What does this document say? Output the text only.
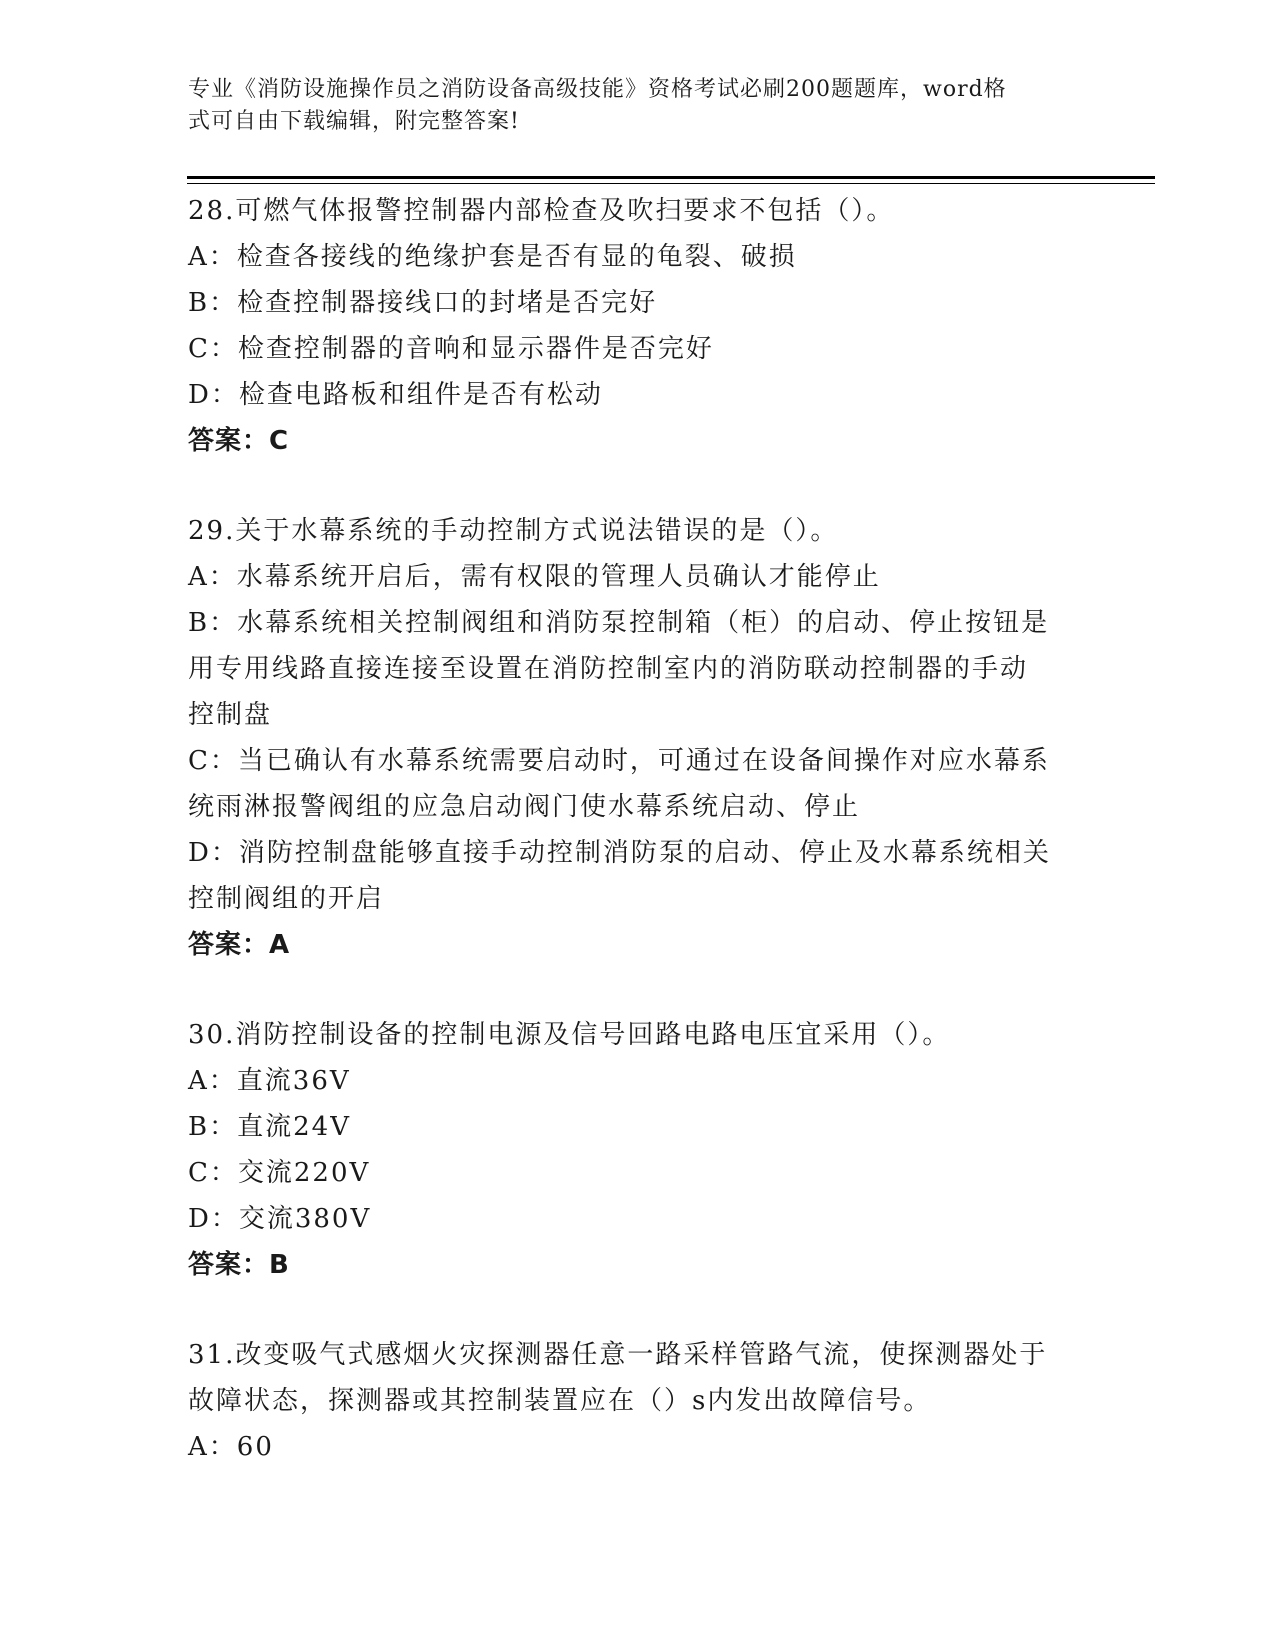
专业《消防设施操作员之消防设备高级技能》资格考试必刷200题题库，word格
式可自由下载编辑，附完整答案!
28.可燃气体报警控制器内部检查及吹扫要求不包括（）。
A：检查各接线的绝缘护套是否有显的龟裂、破损
B：检查控制器接线口的封堵是否完好
C：检查控制器的音响和显示器件是否完好
D：检查电路板和组件是否有松动
答案：C
29.关于水幕系统的手动控制方式说法错误的是（）。
A：水幕系统开启后，需有权限的管理人员确认才能停止
B：水幕系统相关控制阀组和消防泵控制箱（柜）的启动、停止按钮是
用专用线路直接连接至设置在消防控制室内的消防联动控制器的手动
控制盘
C：当已确认有水幕系统需要启动时，可通过在设备间操作对应水幕系
统雨淋报警阀组的应急启动阀门使水幕系统启动、停止
D：消防控制盘能够直接手动控制消防泵的启动、停止及水幕系统相关
控制阀组的开启
答案：A
30.消防控制设备的控制电源及信号回路电路电压宜采用（）。
A：直流36V
B：直流24V
C：交流220V
D：交流380V
答案：B
31.改变吸气式感烟火灾探测器任意一路采样管路气流，使探测器处于
故障状态，探测器或其控制装置应在（）s内发出故障信号。
A：60
